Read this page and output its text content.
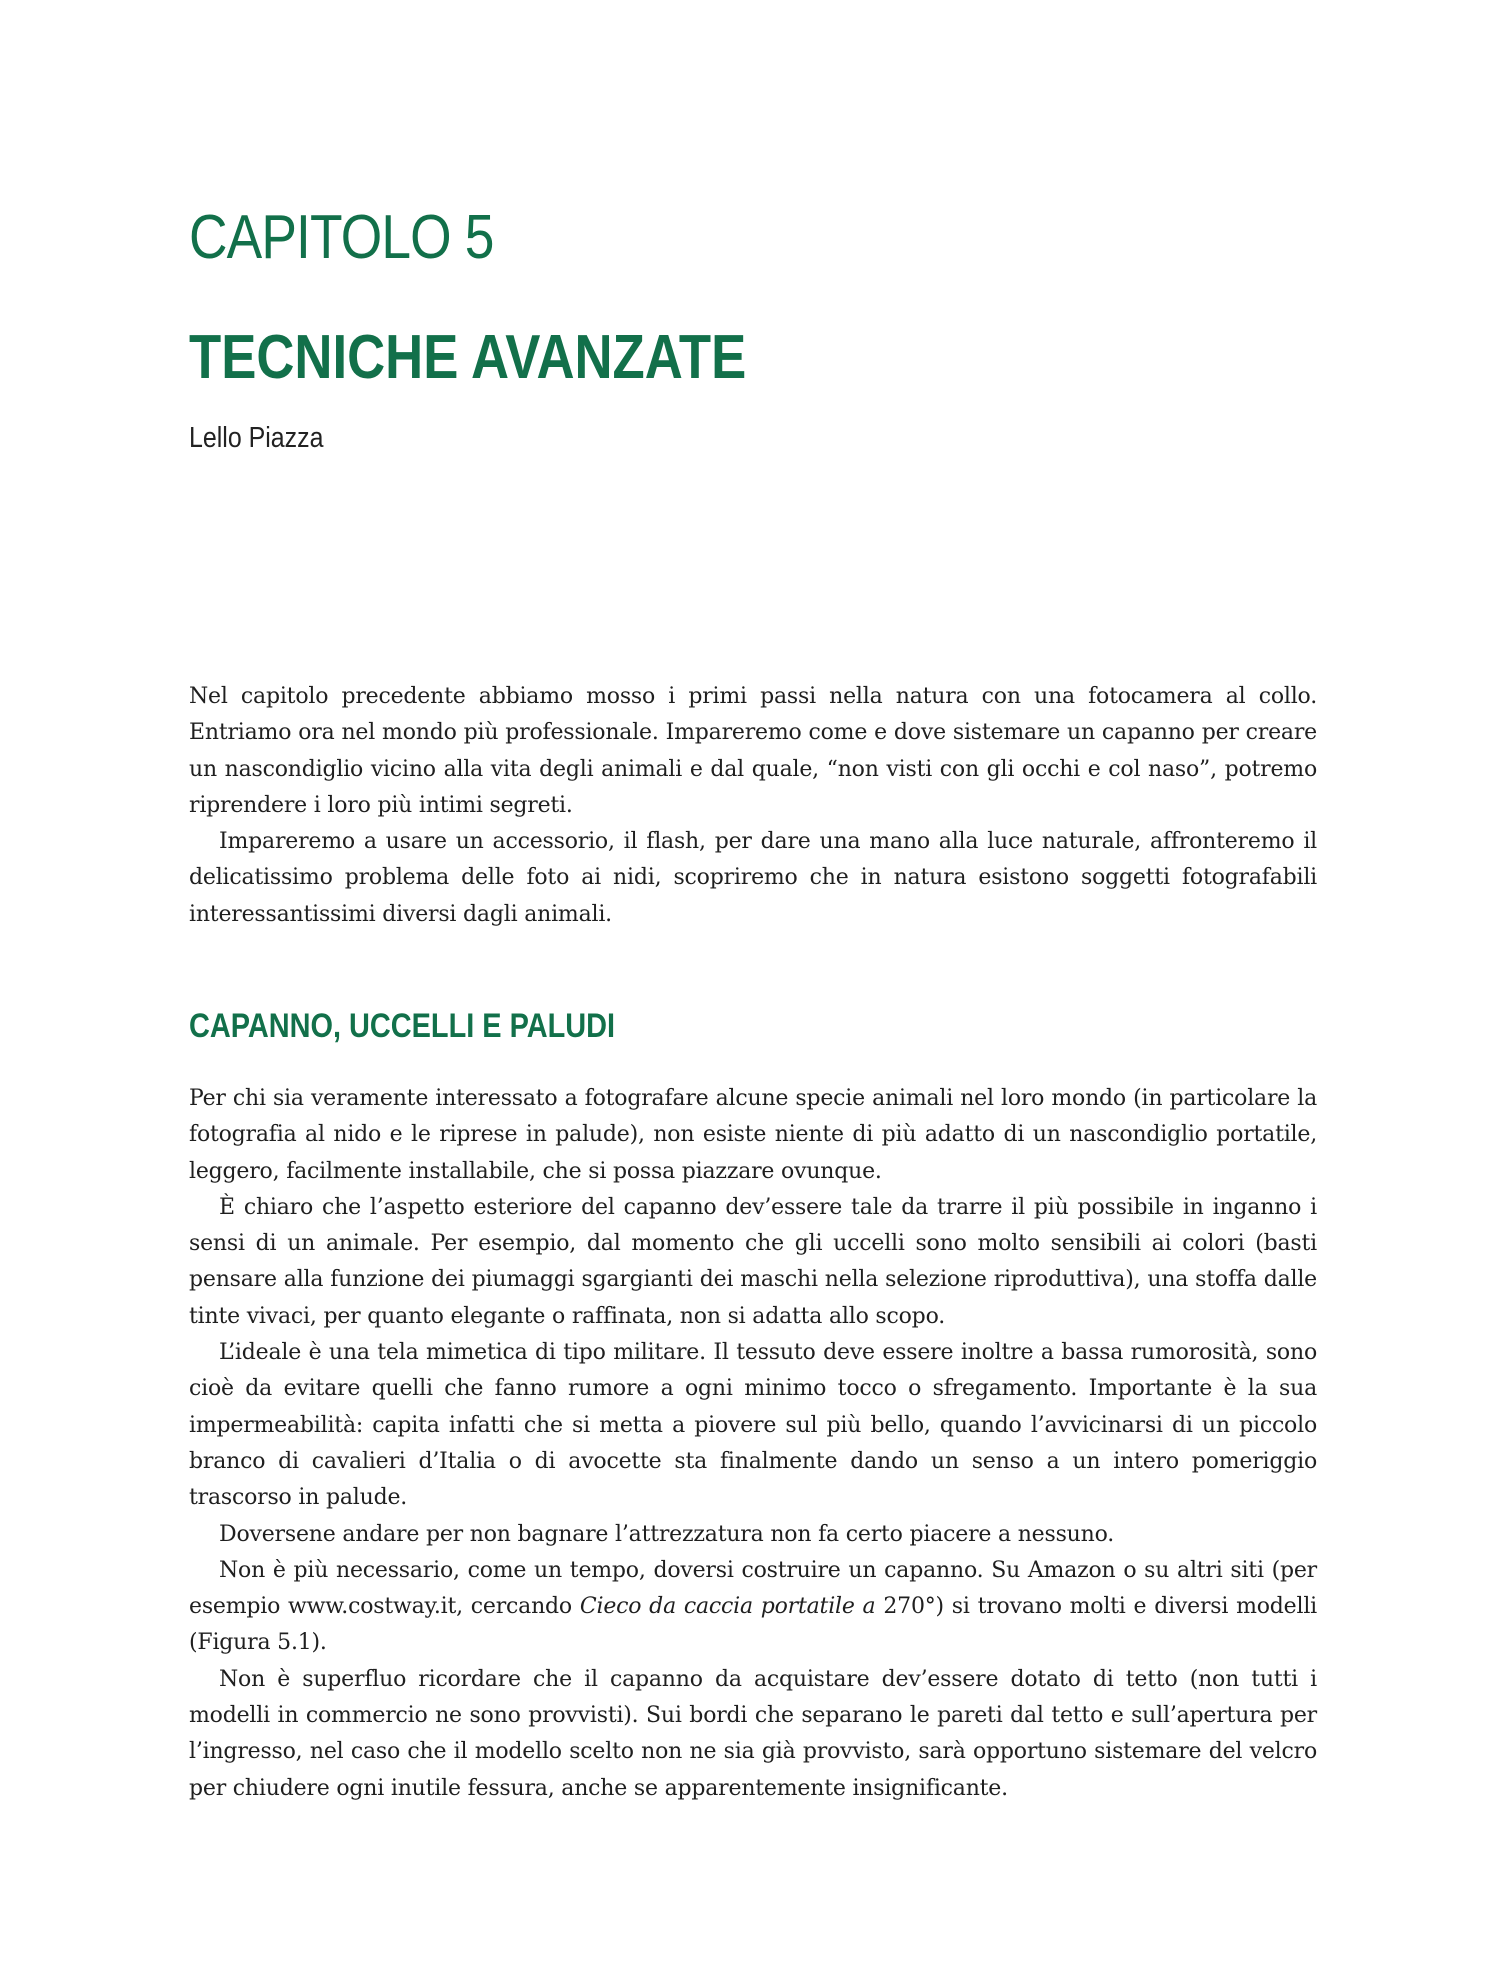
CAPITOLO 5
TECNICHE AVANZATE
Lello Piazza

Nel capitolo precedente abbiamo mosso i primi passi nella natura con una fotocamera al collo. Entriamo ora nel mondo più professionale. Impareremo come e dove sistemare un capanno per creare un nascondiglio vicino alla vita degli animali e dal quale, “non visti con gli occhi e col naso”, potremo riprendere i loro più intimi segreti.

Impareremo a usare un accessorio, il flash, per dare una mano alla luce naturale, affronteremo il delicatissimo problema delle foto ai nidi, scopriremo che in natura esistono soggetti fotografabili interessantissimi diversi dagli animali.

CAPANNO, UCCELLI E PALUDI

Per chi sia veramente interessato a fotografare alcune specie animali nel loro mondo (in particolare la fotografia al nido e le riprese in palude), non esiste niente di più adatto di un nascondiglio portatile, leggero, facilmente installabile, che si possa piazzare ovunque.

È chiaro che l’aspetto esteriore del capanno dev’essere tale da trarre il più possibile in inganno i sensi di un animale. Per esempio, dal momento che gli uccelli sono molto sensibili ai colori (basti pensare alla funzione dei piumaggi sgargianti dei maschi nella selezione riproduttiva), una stoffa dalle tinte vivaci, per quanto elegante o raffinata, non si adatta allo scopo.

L’ideale è una tela mimetica di tipo militare. Il tessuto deve essere inoltre a bassa rumorosità, sono cioè da evitare quelli che fanno rumore a ogni minimo tocco o sfregamento. Importante è la sua impermeabilità: capita infatti che si metta a piovere sul più bello, quando l’avvicinarsi di un piccolo branco di cavalieri d’Italia o di avocette sta finalmente dando un senso a un intero pomeriggio trascorso in palude.

Doversene andare per non bagnare l’attrezzatura non fa certo piacere a nessuno.

Non è più necessario, come un tempo, doversi costruire un capanno. Su Amazon o su altri siti (per esempio www.costway.it, cercando Cieco da caccia portatile a 270°) si trovano molti e diversi modelli (Figura 5.1).

Non è superfluo ricordare che il capanno da acquistare dev’essere dotato di tetto (non tutti i modelli in commercio ne sono provvisti). Sui bordi che separano le pareti dal tetto e sull’apertura per l’ingresso, nel caso che il modello scelto non ne sia già provvisto, sarà opportuno sistemare del velcro per chiudere ogni inutile fessura, anche se apparentemente insignificante.
